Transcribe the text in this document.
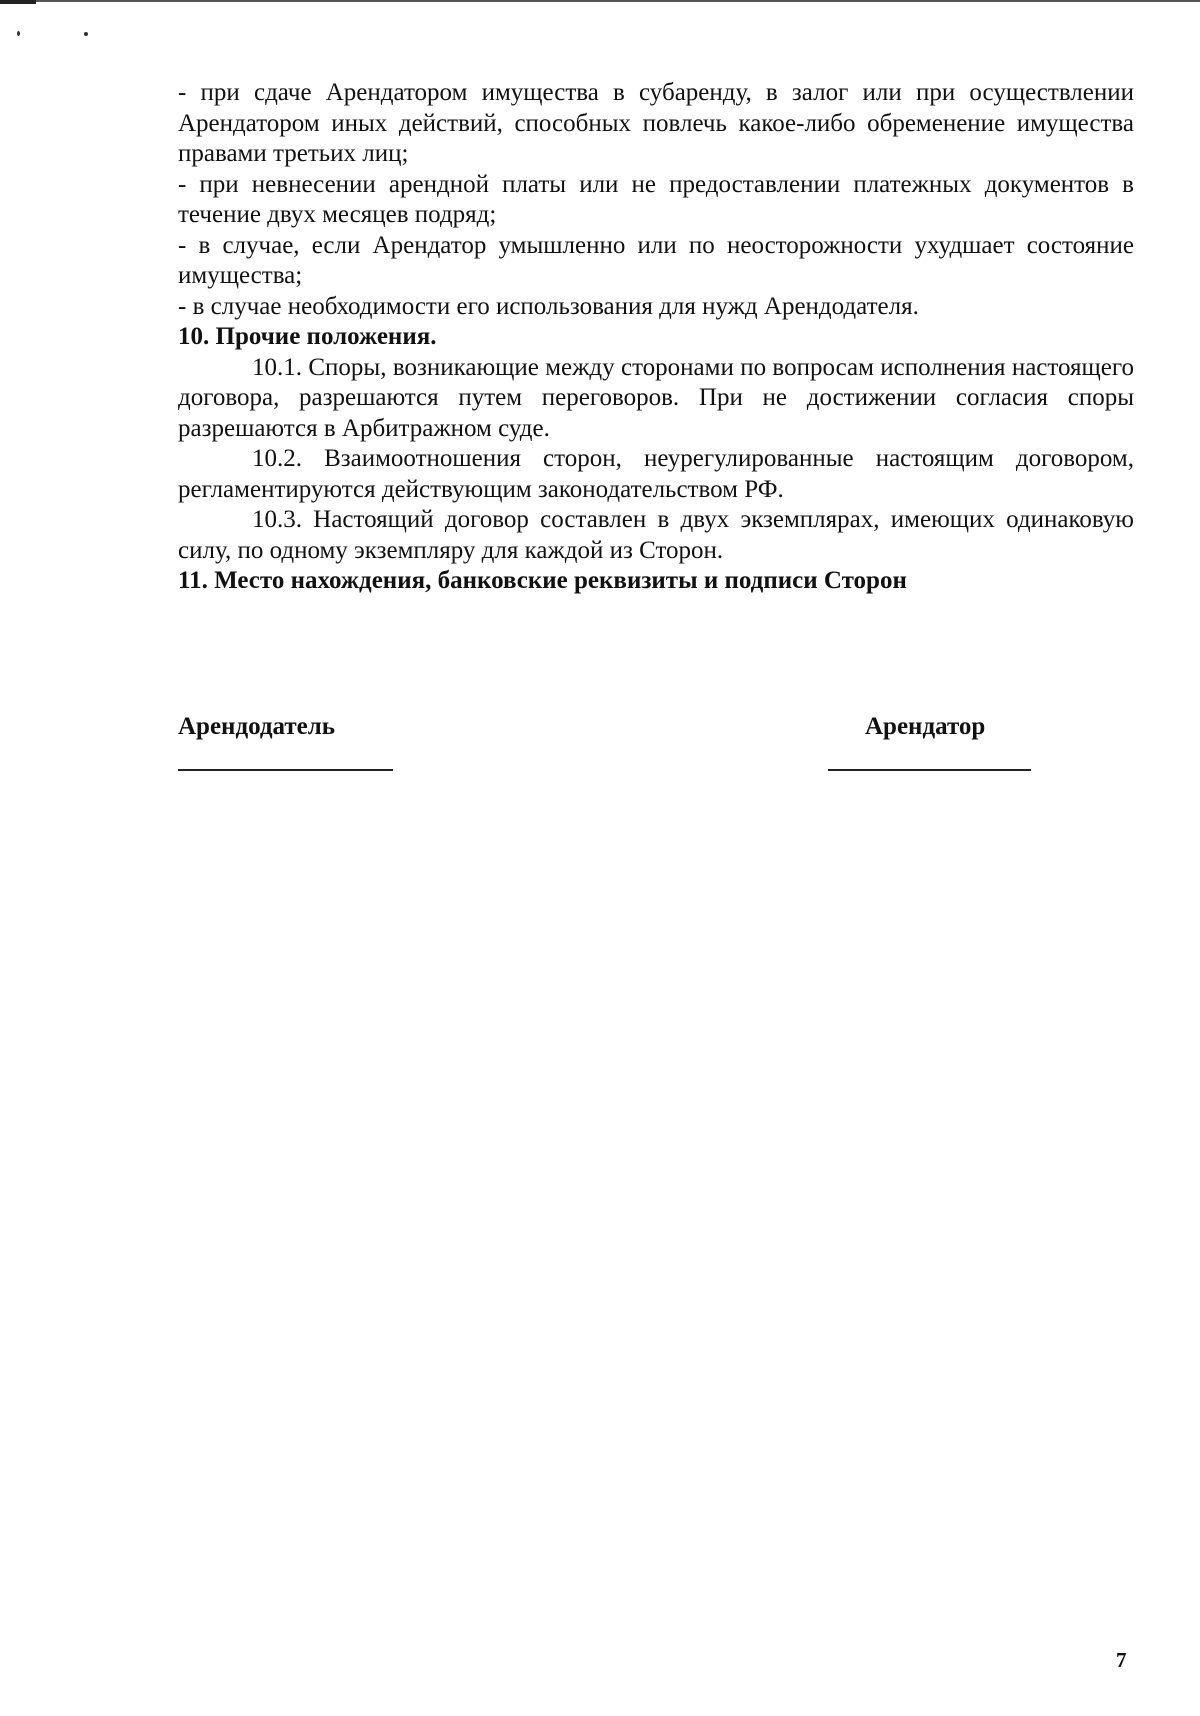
- при сдаче Арендатором имущества в субаренду, в залог или при осуществлении Арендатором иных действий, способных повлечь какое-либо обременение имущества правами третьих лиц;

- при невнесении арендной платы или не предоставлении платежных документов в течение двух месяцев подряд;

- в случае, если Арендатор умышленно или по неосторожности ухудшает состояние имущества;

- в случае необходимости его использования для нужд Арендодателя.

10. Прочие положения.

10.1. Споры, возникающие между сторонами по вопросам исполнения настоящего договора, разрешаются путем переговоров. При не достижении согласия споры разрешаются в Арбитражном суде.

10.2. Взаимоотношения сторон, неурегулированные настоящим договором, регламентируются действующим законодательством РФ.

10.3. Настоящий договор составлен в двух экземплярах, имеющих одинаковую силу, по одному экземпляру для каждой из Сторон.

11. Место нахождения, банковские реквизиты и подписи Сторон

Арендодатель	Арендатор
7
